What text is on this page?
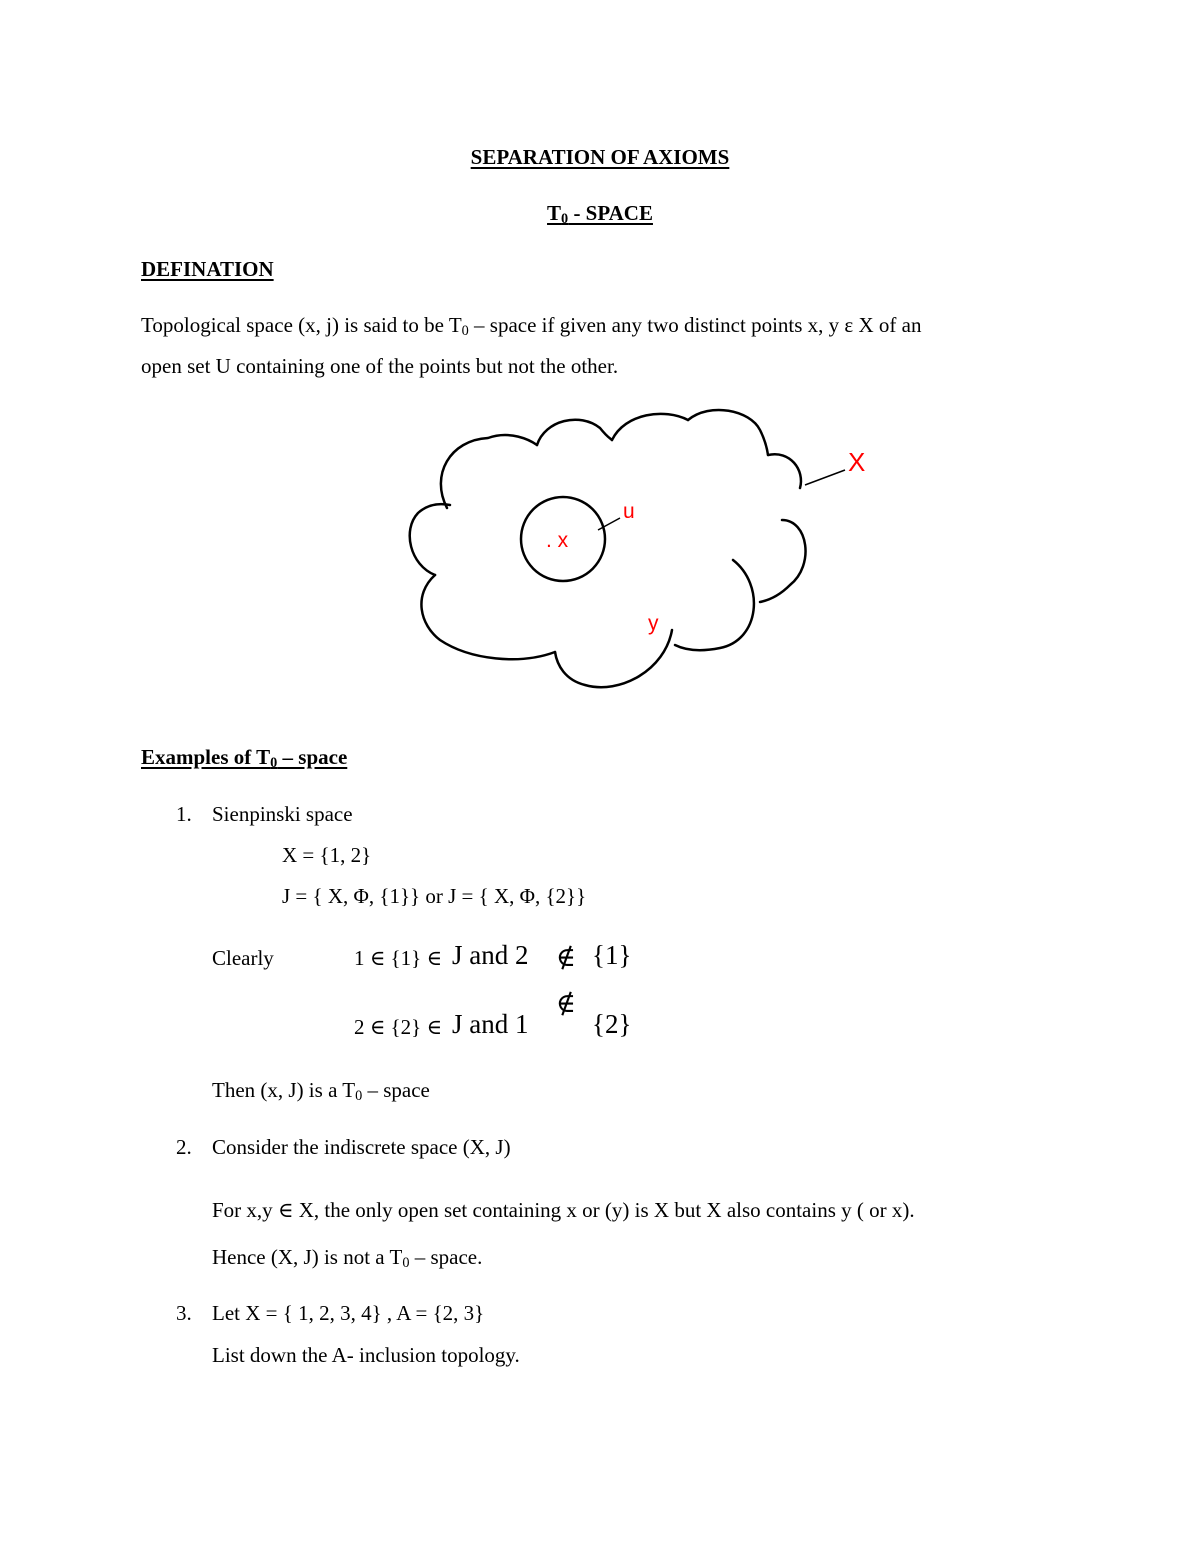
SEPARATION OF AXIOMS
$T_0$ - SPACE
DEFINATION
Topological space (x, j) is said to be $T_0$ – space if given any two distinct points x, y ε X of an
open set U containing one of the points but not the other.
X
u
. x
y
Examples of $T_0$ – space
1. Sienpinski space
X = {1, 2}
J = { X, Φ, {1}} or J = { X, Φ, {2}}
Clearly	1 ∈ {1} ∈ J and 2 ∉ {1}
2 ∈ {2} ∈ J and 1
∉
{2}
Then (x, J) is a $T_0$ – space
2. Consider the indiscrete space (X, J)
For x,y ∈ X, the only open set containing x or (y) is X but X also contains y ( or x).
Hence (X, J) is not a $T_0$ – space.
3. Let X = { 1, 2, 3, 4} , A = {2, 3}
List down the A- inclusion topology.
